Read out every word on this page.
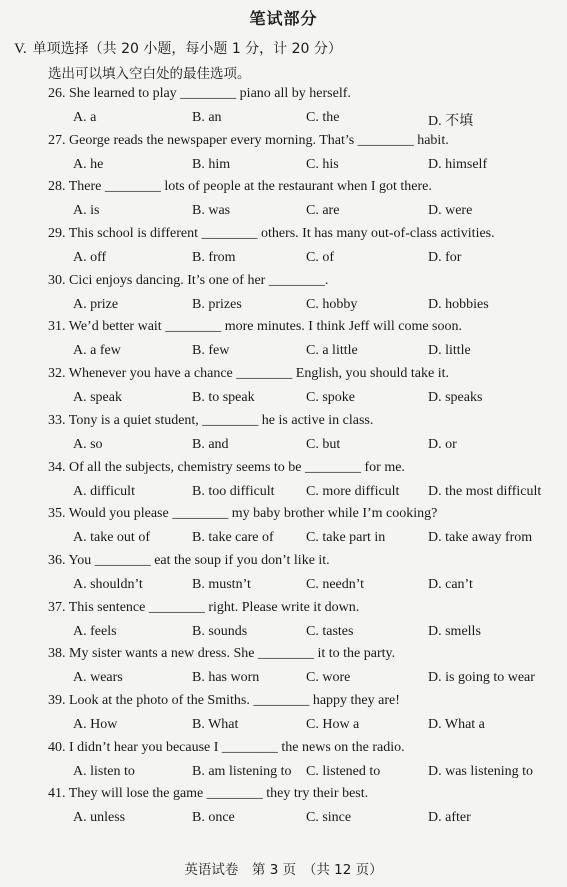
笔试部分
V. 单项选择（共 20 小题，每小题 1 分，计 20 分）
选出可以填入空白处的最佳选项。
26. She learned to play ________ piano all by herself.
A. a	B. an	C. the	D. 不填
27. George reads the newspaper every morning. That’s ________ habit.
A. he	B. him	C. his	D. himself
28. There ________ lots of people at the restaurant when I got there.
A. is	B. was	C. are	D. were
29. This school is different ________ others. It has many out-of-class activities.
A. off	B. from	C. of	D. for
30. Cici enjoys dancing. It’s one of her ________.
A. prize	B. prizes	C. hobby	D. hobbies
31. We’d better wait ________ more minutes. I think Jeff will come soon.
A. a few	B. few	C. a little	D. little
32. Whenever you have a chance ________ English, you should take it.
A. speak	B. to speak	C. spoke	D. speaks
33. Tony is a quiet student, ________ he is active in class.
A. so	B. and	C. but	D. or
34. Of all the subjects, chemistry seems to be ________ for me.
A. difficult	B. too difficult C. more difficult D. the most difficult
35. Would you please ________ my baby brother while I’m cooking?
A. take out of	B. take care of C. take part in	D. take away from
36. You ________ eat the soup if you don’t like it.
A. shouldn’t	B. mustn’t	C. needn’t	D. can’t
37. This sentence ________ right. Please write it down.
A. feels	B. sounds	C. tastes	D. smells
38. My sister wants a new dress. She ________ it to the party.
A. wears	B. has worn	C. wore	D. is going to wear
39. Look at the photo of the Smiths. ________ happy they are!
A. How	B. What	C. How a	D. What a
40. I didn’t hear you because I ________ the news on the radio.
A. listen to	B. am listening to C. listened to	D. was listening to
41. They will lose the game ________ they try their best.
A. unless	B. once	C. since	D. after
英语试卷　第 3 页　（共 12 页）
